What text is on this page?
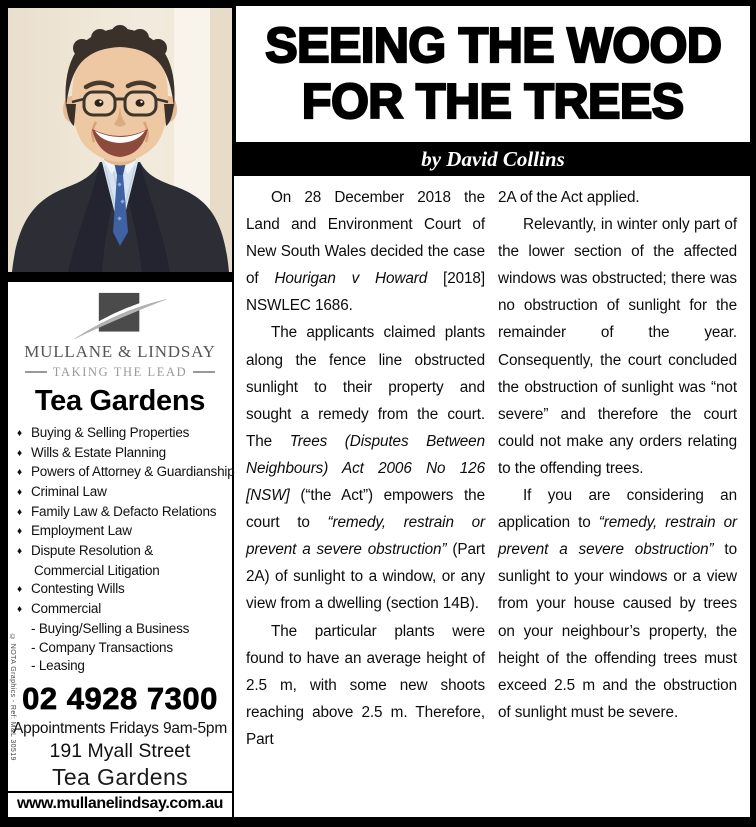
SEEING THE WOOD
FOR THE TREES
by David Collins

On 28 December 2018 the Land and Environment Court of New South Wales decided the case of Hourigan v Howard [2018] NSWLEC 1686.

The applicants claimed plants along the fence line obstructed sunlight to their property and sought a remedy from the court. The Trees (Disputes Between Neighbours) Act 2006 No 126 [NSW] (“the Act”) empowers the court to “remedy, restrain or prevent a severe obstruction” (Part 2A) of sunlight to a window, or any view from a dwelling (section 14B).

The particular plants were found to have an average height of 2.5 m, with some new shoots reaching above 2.5 m. Therefore, Part

2A of the Act applied.

Relevantly, in winter only part of the lower section of the affected windows was obstructed; there was no obstruction of sunlight for the remainder of the year. Consequently, the court concluded the obstruction of sunlight was “not severe” and therefore the court could not make any orders relating to the offending trees.

If you are considering an application to “remedy, restrain or prevent a severe obstruction” to sunlight to your windows or a view from your house caused by trees on your neighbour’s property, the height of the offending trees must exceed 2.5 m and the obstruction of sunlight must be severe.

MULLANE & LINDSAY
TAKING THE LEAD
Tea Gardens
♦ Buying & Selling Properties
♦ Wills & Estate Planning
♦ Powers of Attorney & Guardianship
♦ Criminal Law
♦ Family Law & Defacto Relations
♦ Employment Law
♦ Dispute Resolution &
Commercial Litigation
♦ Contesting Wills
♦ Commercial
- Buying/Selling a Business
- Company Transactions
- Leasing
02 4928 7300
Appointments Fridays 9am-5pm
191 Myall Street
Tea Gardens
www.mullanelindsay.com.au
© NOTA Graphics - Ref: M&L 30519
